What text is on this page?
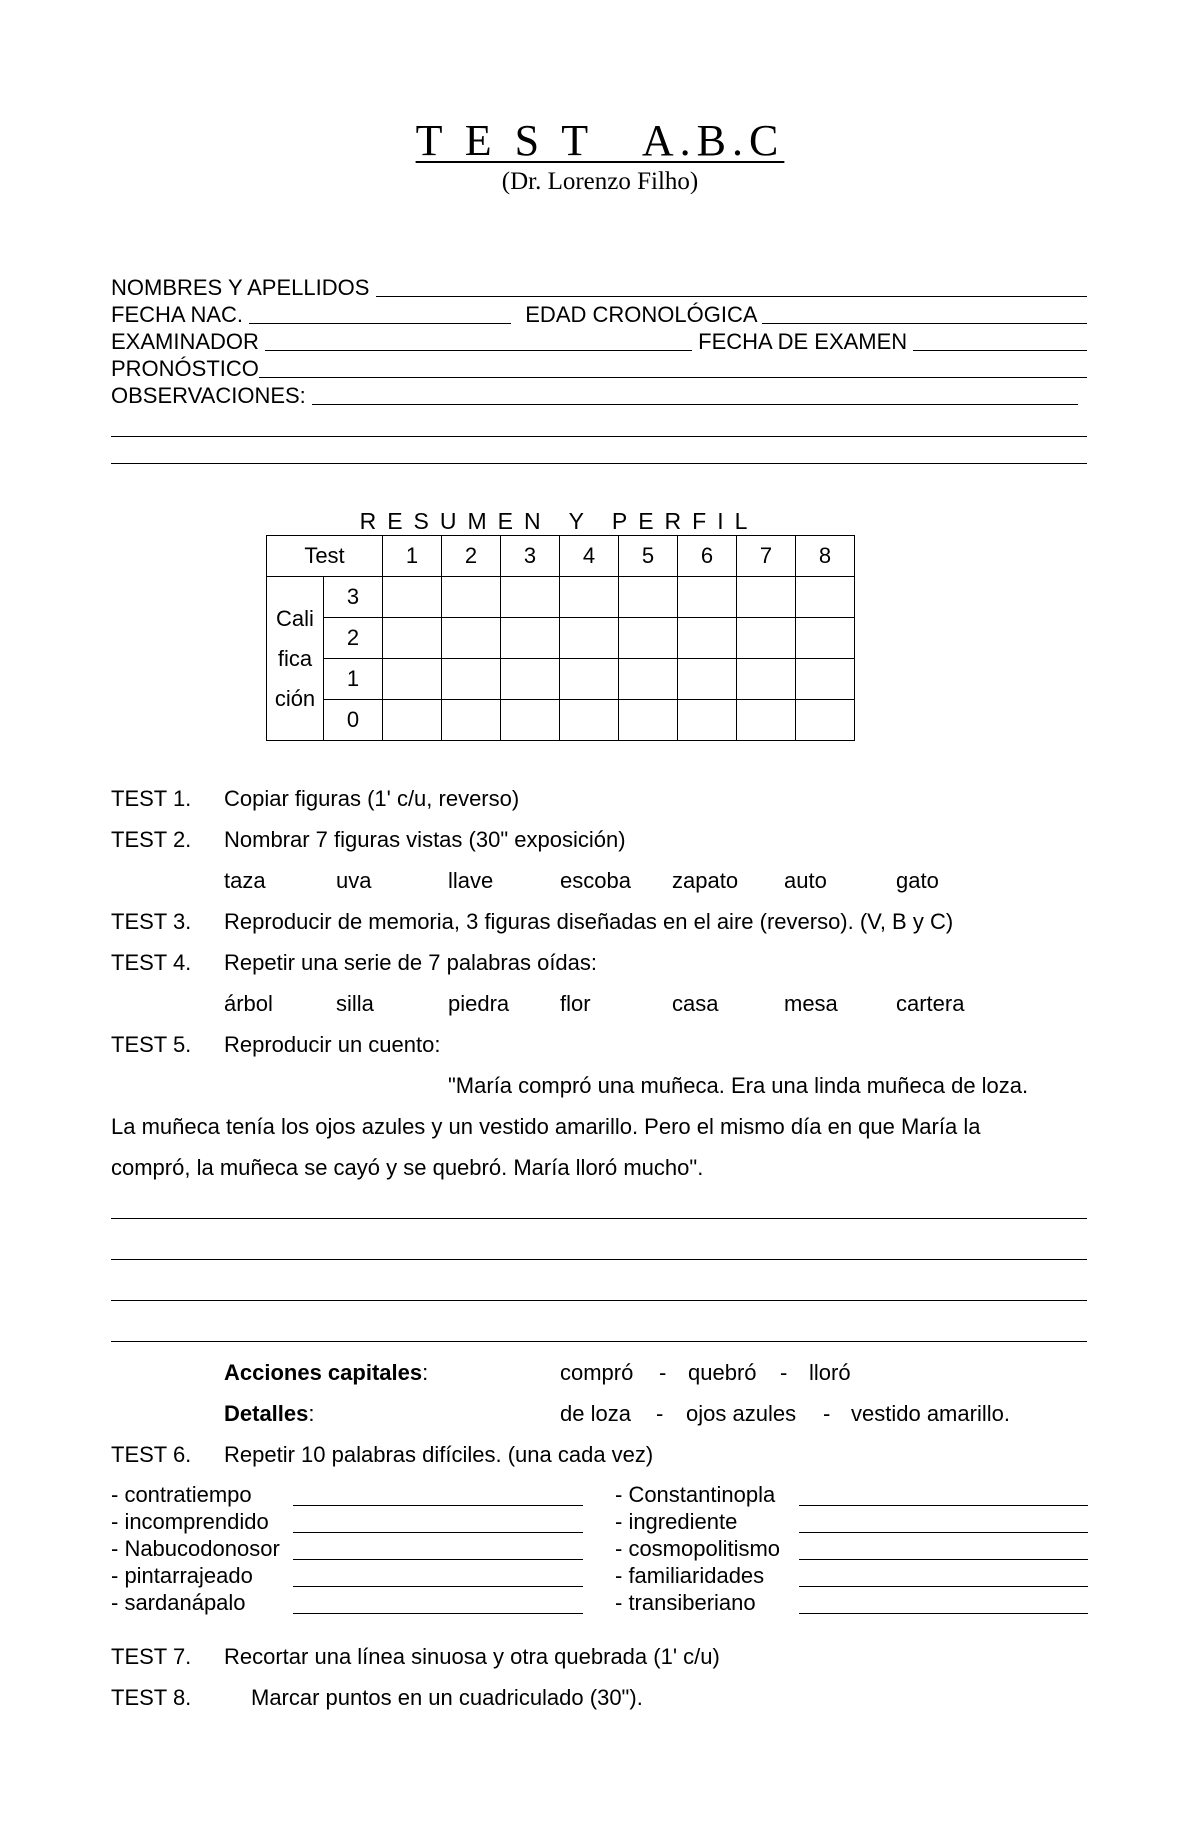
T E S T   A.B.C
(Dr. Lorenzo Filho)
NOMBRES Y APELLIDOS
FECHA NAC.	EDAD CRONOLÓGICA
EXAMINADOR	FECHA DE EXAMEN
PRONÓSTICO
OBSERVACIONES:
RESUMEN Y PERFIL
Test		1	2	3	4	5	6	7	8

Cali
fica
ción	3								
	2								
	1								
	0								
TEST 1. Copiar figuras (1' c/u, reverso)
TEST 2. Nombrar 7 figuras vistas (30" exposición)
taza	uva	llave	escoba zapato auto	gato
TEST 3. Reproducir de memoria, 3 figuras diseñadas en el aire (reverso). (V, B y C)
TEST 4. Repetir una serie de 7 palabras oídas:
árbol	silla	piedra flor	casa	mesa	cartera
TEST 5. Reproducir un cuento:
"María compró una muñeca. Era una linda muñeca de loza.
La muñeca tenía los ojos azules y un vestido amarillo. Pero el mismo día en que María la
compró, la muñeca se cayó y se quebró. María lloró mucho".
Acciones capitales:	compró - quebró - lloró
Detalles:	de loza - ojos azules - vestido amarillo.
TEST 6. Repetir 10 palabras difíciles. (una cada vez)
- contratiempo	- Constantinopla
- incomprendido	- ingrediente
- Nabucodonosor	- cosmopolitismo
- pintarrajeado	- familiaridades
- sardanápalo	- transiberiano
TEST 7. Recortar una línea sinuosa y otra quebrada (1' c/u)
TEST 8.	Marcar puntos en un cuadriculado (30").
